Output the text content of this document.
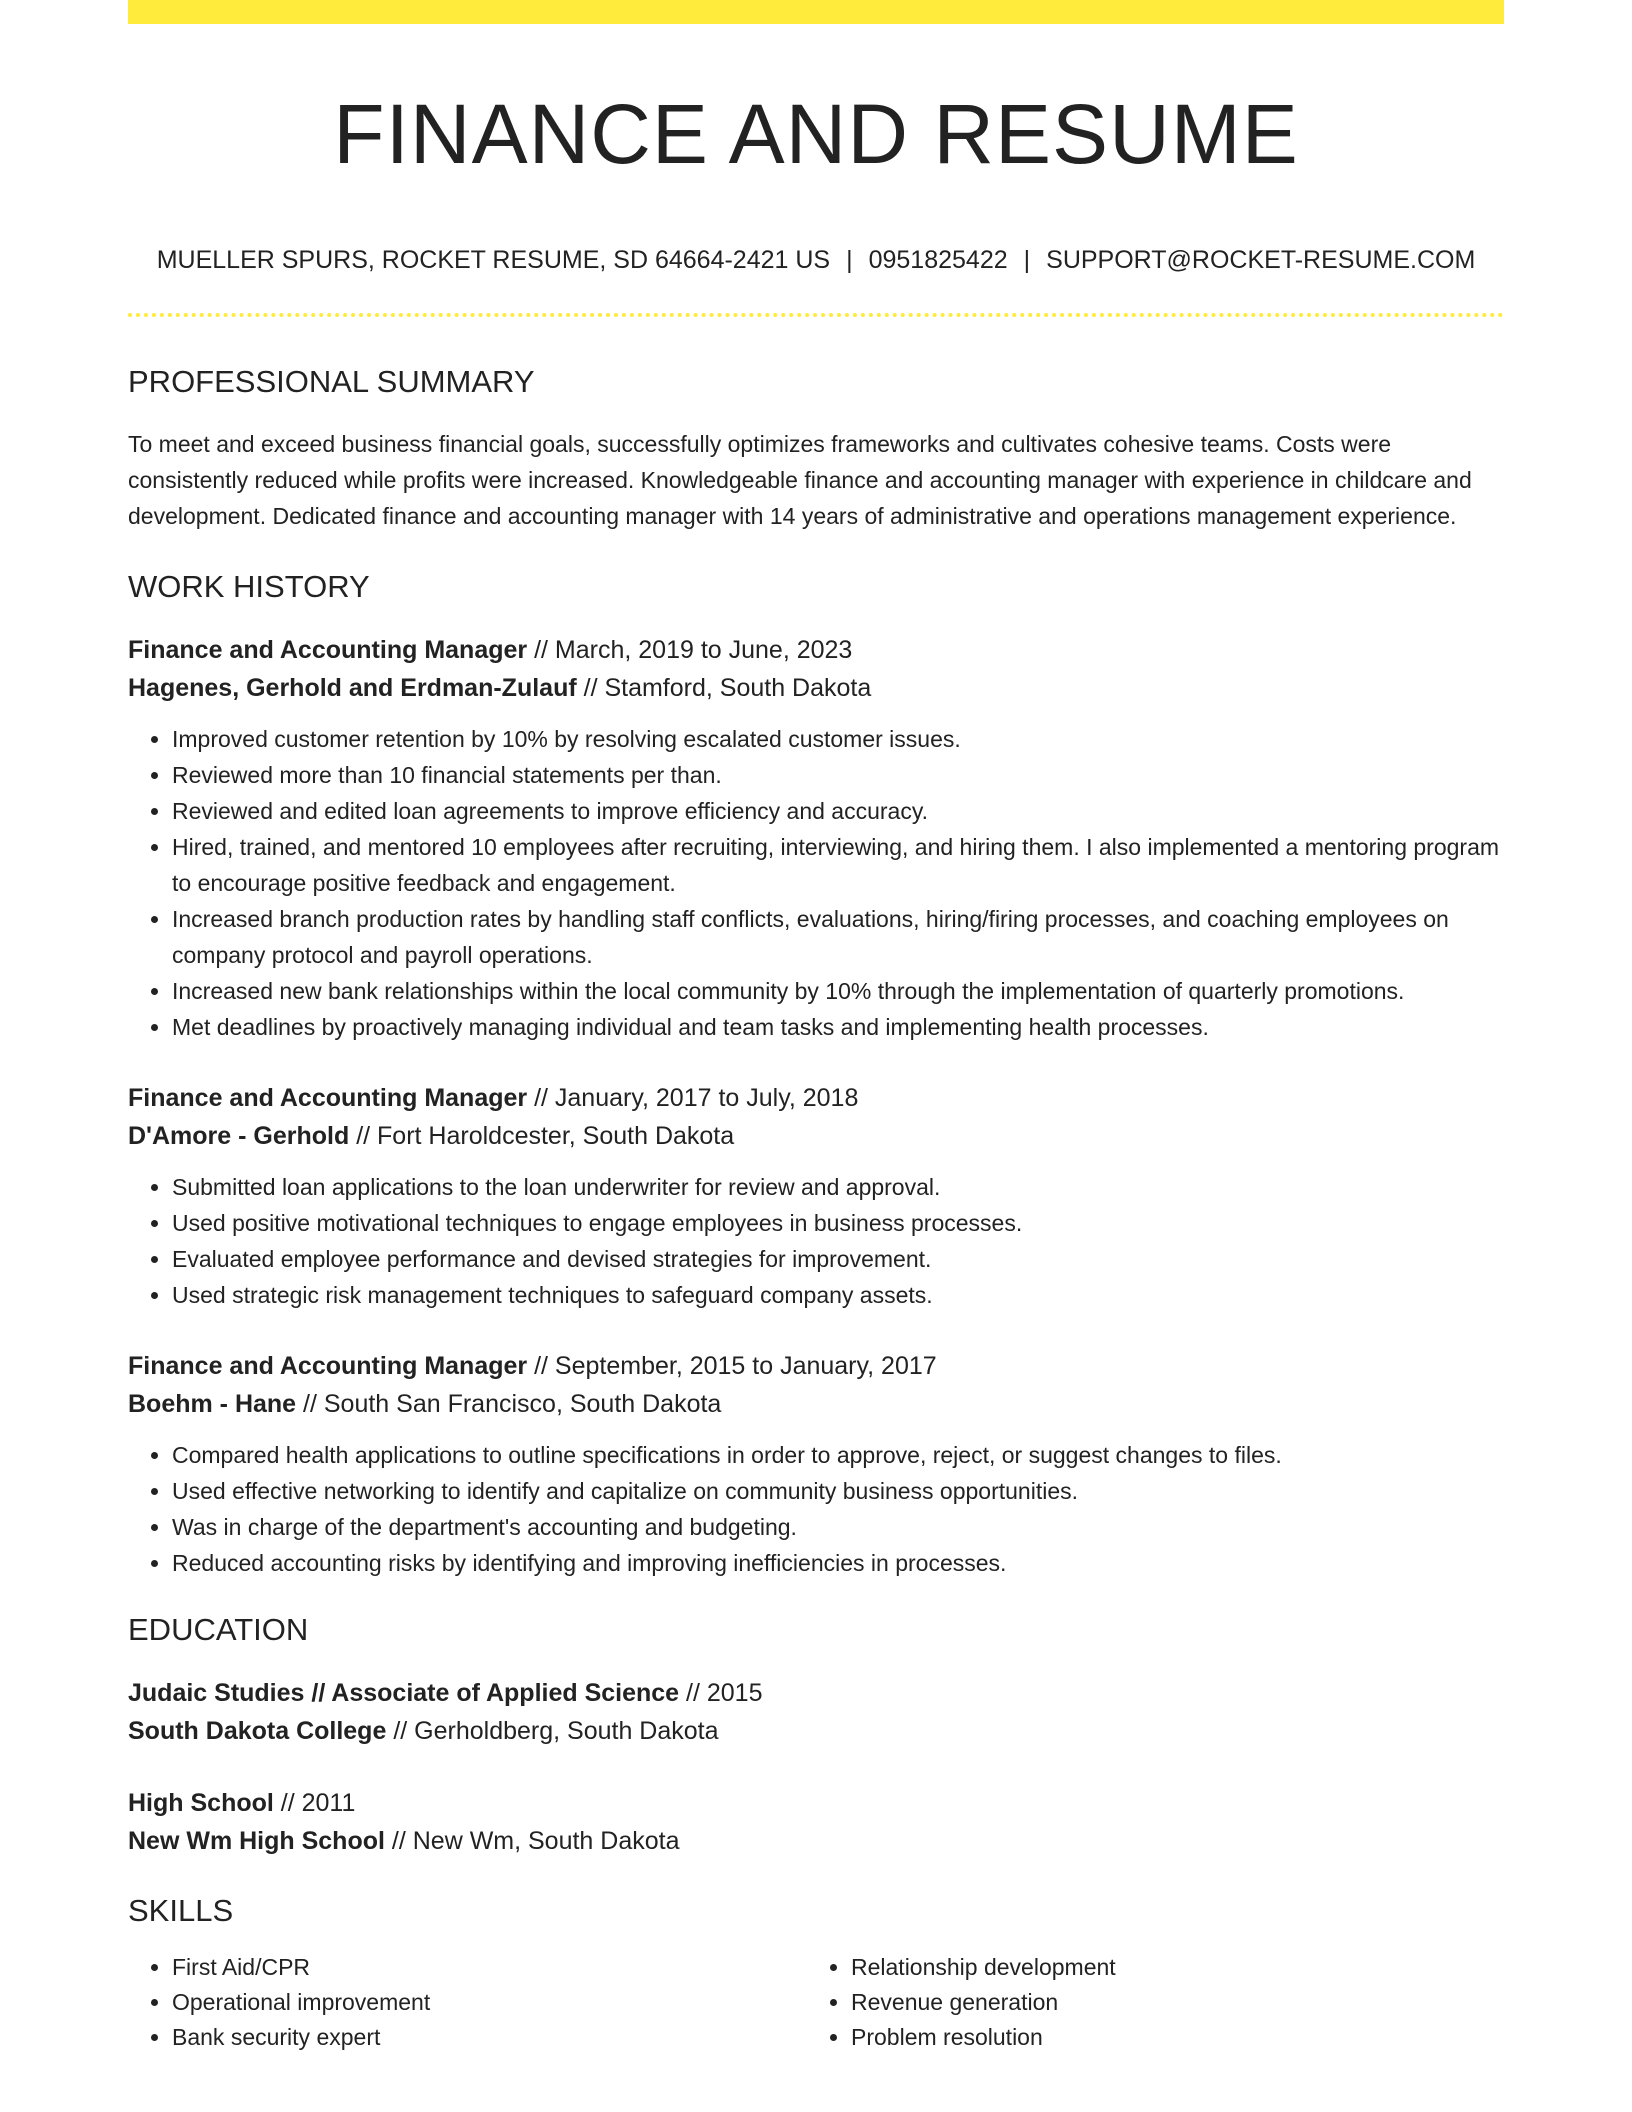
FINANCE AND RESUME
MUELLER SPURS, ROCKET RESUME, SD 64664-2421 US | 0951825422 | SUPPORT@ROCKET-RESUME.COM
PROFESSIONAL SUMMARY

To meet and exceed business financial goals, successfully optimizes frameworks and cultivates cohesive teams. Costs were consistently reduced while profits were increased. Knowledgeable finance and accounting manager with experience in childcare and development. Dedicated finance and accounting manager with 14 years of administrative and operations management experience.

WORK HISTORY
Finance and Accounting Manager // March, 2019 to June, 2023
Hagenes, Gerhold and Erdman-Zulauf // Stamford, South Dakota
• Improved customer retention by 10% by resolving escalated customer issues.
• Reviewed more than 10 financial statements per than.
• Reviewed and edited loan agreements to improve efficiency and accuracy.
• Hired, trained, and mentored 10 employees after recruiting, interviewing, and hiring them. I also implemented a mentoring program to encourage positive feedback and engagement.
• Increased branch production rates by handling staff conflicts, evaluations, hiring/firing processes, and coaching employees on company protocol and payroll operations.
• Increased new bank relationships within the local community by 10% through the implementation of quarterly promotions.
• Met deadlines by proactively managing individual and team tasks and implementing health processes.
Finance and Accounting Manager // January, 2017 to July, 2018
D'Amore - Gerhold // Fort Haroldcester, South Dakota
• Submitted loan applications to the loan underwriter for review and approval.
• Used positive motivational techniques to engage employees in business processes.
• Evaluated employee performance and devised strategies for improvement.
• Used strategic risk management techniques to safeguard company assets.
Finance and Accounting Manager // September, 2015 to January, 2017
Boehm - Hane // South San Francisco, South Dakota
• Compared health applications to outline specifications in order to approve, reject, or suggest changes to files.
• Used effective networking to identify and capitalize on community business opportunities.
• Was in charge of the department's accounting and budgeting.
• Reduced accounting risks by identifying and improving inefficiencies in processes.
EDUCATION
Judaic Studies // Associate of Applied Science // 2015
South Dakota College // Gerholdberg, South Dakota
High School // 2011
New Wm High School // New Wm, South Dakota
SKILLS
• First Aid/CPR
• Operational improvement
• Bank security expert
• Relationship development
• Revenue generation
• Problem resolution
